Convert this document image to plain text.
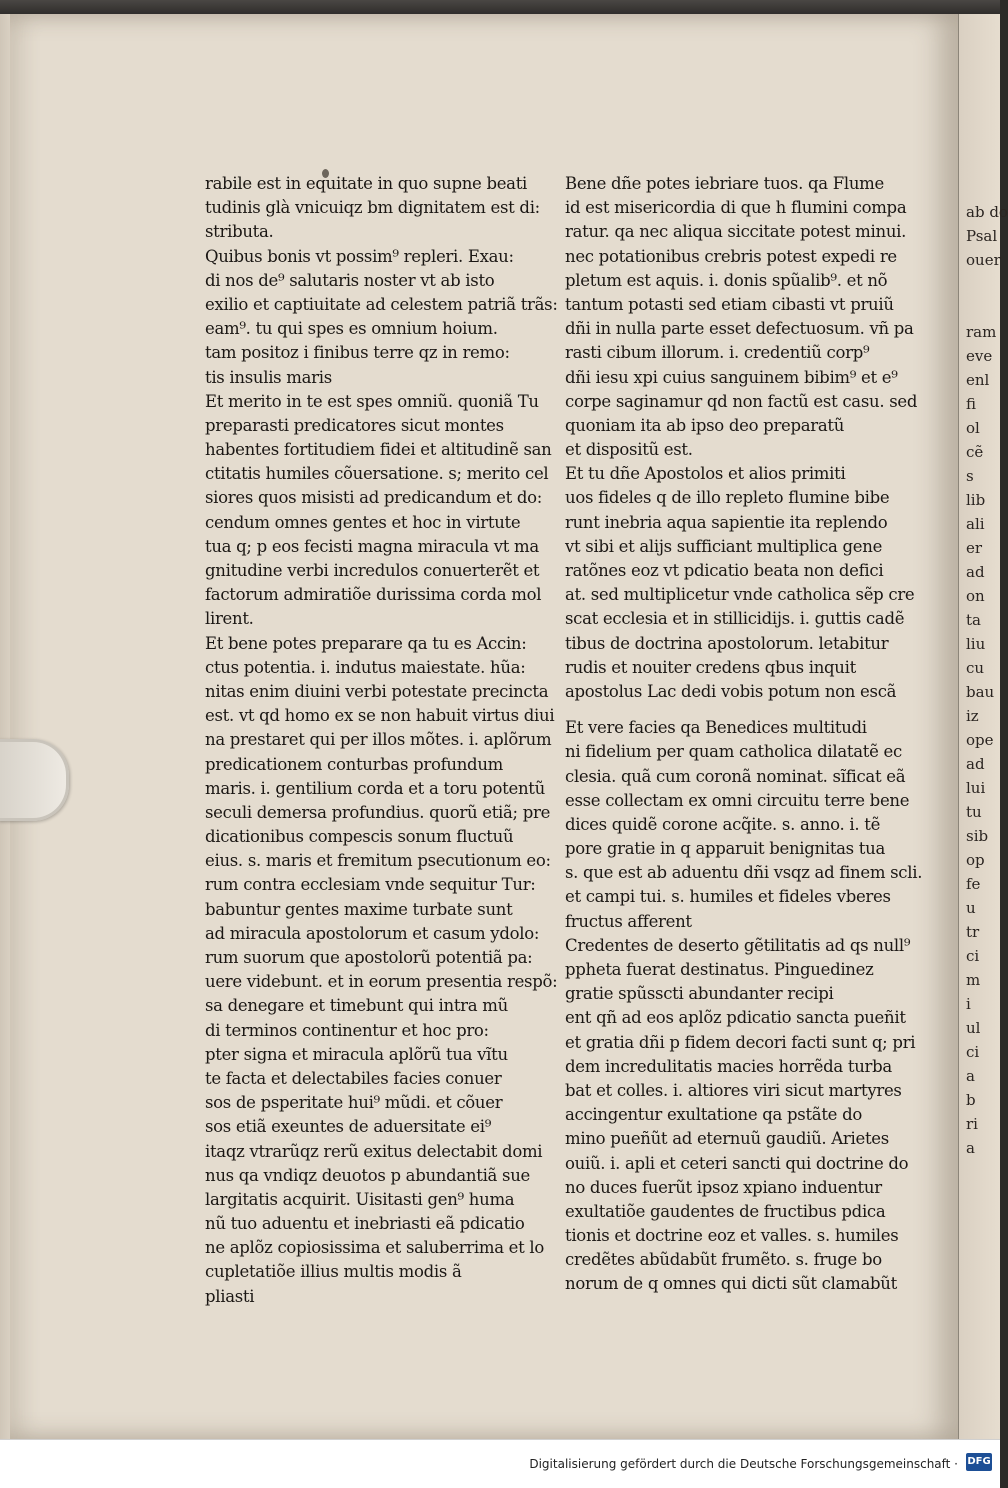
rabile est in equitate in quo supne beati
tudinis glà vnicuiqz bm dignitatem est di:
stributa.
Quibus bonis vt possim⁹ repleri. Exau:
di nos de⁹ salutaris noster vt ab isto
exilio et captiuitate ad celestem patriã trãs:
eam⁹. tu qui spes es omnium hoium.
tam positoz i finibus terre qz in remo:
tis insulis maris
Et merito in te est spes omniũ. quoniã Tu
preparasti predicatores sicut montes
habentes fortitudiem fidei et altitudinẽ san
ctitatis humiles cõuersatione. s; merito cel
siores quos misisti ad predicandum et do:
cendum omnes gentes et hoc in virtute
tua q; p eos fecisti magna miracula vt ma
gnitudine verbi incredulos conuerterẽt et
factorum admiratiõe durissima corda mol
lirent.
Et bene potes preparare qa tu es Accin:
ctus potentia. i. indutus maiestate. hũa:
nitas enim diuini verbi potestate precincta
est. vt qd homo ex se non habuit virtus diui
na prestaret qui per illos mõtes. i. aplõrum
predicationem conturbas profundum
maris. i. gentilium corda et a toru potentũ
seculi demersa profundius. quorũ etiã; pre
dicationibus compescis sonum fluctuũ
eius. s. maris et fremitum psecutionum eo:
rum contra ecclesiam vnde sequitur Tur:
babuntur gentes maxime turbate sunt
ad miracula apostolorum et casum ydolo:
rum suorum que apostolorũ potentiã pa:
uere videbunt. et in eorum presentia respõ:
sa denegare et timebunt qui intra mũ
di terminos continentur et hoc pro:
pter signa et miracula aplõrũ tua vĩtu
te facta et delectabiles facies conuer
sos de psperitate hui⁹ mũdi. et cõuer
sos etiã exeuntes de aduersitate ei⁹
itaqz vtrarũqz rerũ exitus delectabit domi
nus qa vndiqz deuotos p abundantiã sue
largitatis acquirit. Uisitasti gen⁹ huma
nũ tuo aduentu et inebriasti eã pdicatio
ne aplõz copiosissima et saluberrima et lo
cupletatiõe illius multis modis ã
pliasti
Bene dñe potes iebriare tuos. qa Flume
id est misericordia di que h flumini compa
ratur. qa nec aliqua siccitate potest minui.
nec potationibus crebris potest expedi re
pletum est aquis. i. donis spũalib⁹. et nõ
tantum potasti sed etiam cibasti vt pruiũ
dñi in nulla parte esset defectuosum. vñ pa
rasti cibum illorum. i. credentiũ corp⁹
dñi iesu xpi cuius sanguinem bibim⁹ et e⁹
corpe saginamur qd non factũ est casu. sed
quoniam ita ab ipso deo preparatũ
et dispositũ est.
Et tu dñe Apostolos et alios primiti
uos fideles q de illo repleto flumine bibe
runt inebria aqua sapientie ita replendo
vt sibi et alijs sufficiant multiplica gene
ratõnes eoz vt pdicatio beata non defici
at. sed multiplicetur vnde catholica sẽp cre
scat ecclesia et in stillicidijs. i. guttis cadẽ
tibus de doctrina apostolorum. letabitur
rudis et nouiter credens qbus inquit
apostolus Lac dedi vobis potum non escã
Et vere facies qa Benedices multitudi
ni fidelium per quam catholica dilatatẽ ec
clesia. quã cum coronã nominat. sĩficat eã
esse collectam ex omni circuitu terre bene
dices quidẽ corone acq̃ite. s. anno. i. tẽ
pore gratie in q apparuit benignitas tua
s. que est ab aduentu dñi vsqz ad finem scli.
et campi tui. s. humiles et fideles vberes
fructus afferent
Credentes de deserto gẽtilitatis ad qs null⁹
ppheta fuerat destinatus. Pinguedinez
gratie spũsscti abundanter recipi
ent qñ ad eos aplõz pdicatio sancta pueñit
et gratia dñi p fidem decori facti sunt q; pri
dem incredulitatis macies horrẽda turba
bat et colles. i. altiores viri sicut martyres
accingentur exultatione qa pstãte do
mino pueñũt ad eternuũ gaudiũ. Arietes
ouiũ. i. apli et ceteri sancti qui doctrine do
no duces fuerũt ipsoz xpiano induentur
exultatiõe gaudentes de fructibus pdica
tionis et doctrine eoz et valles. s. humiles
credẽtes abũdabũt frumẽto. s. fruge bo
norum de q omnes qui dicti sũt clamabũt
ab do
Psal
ouer

ram
eve
enl
fi
ol
cẽ
s
lib
ali
er
ad
on
ta
liu
cu
bau
iz
ope
ad
lui
tu
sib
op
fe
u
tr
ci
m
i
ul
ci
a
b
ri
a
Digitalisierung gefördert durch die Deutsche Forschungsgemeinschaft · DFG
